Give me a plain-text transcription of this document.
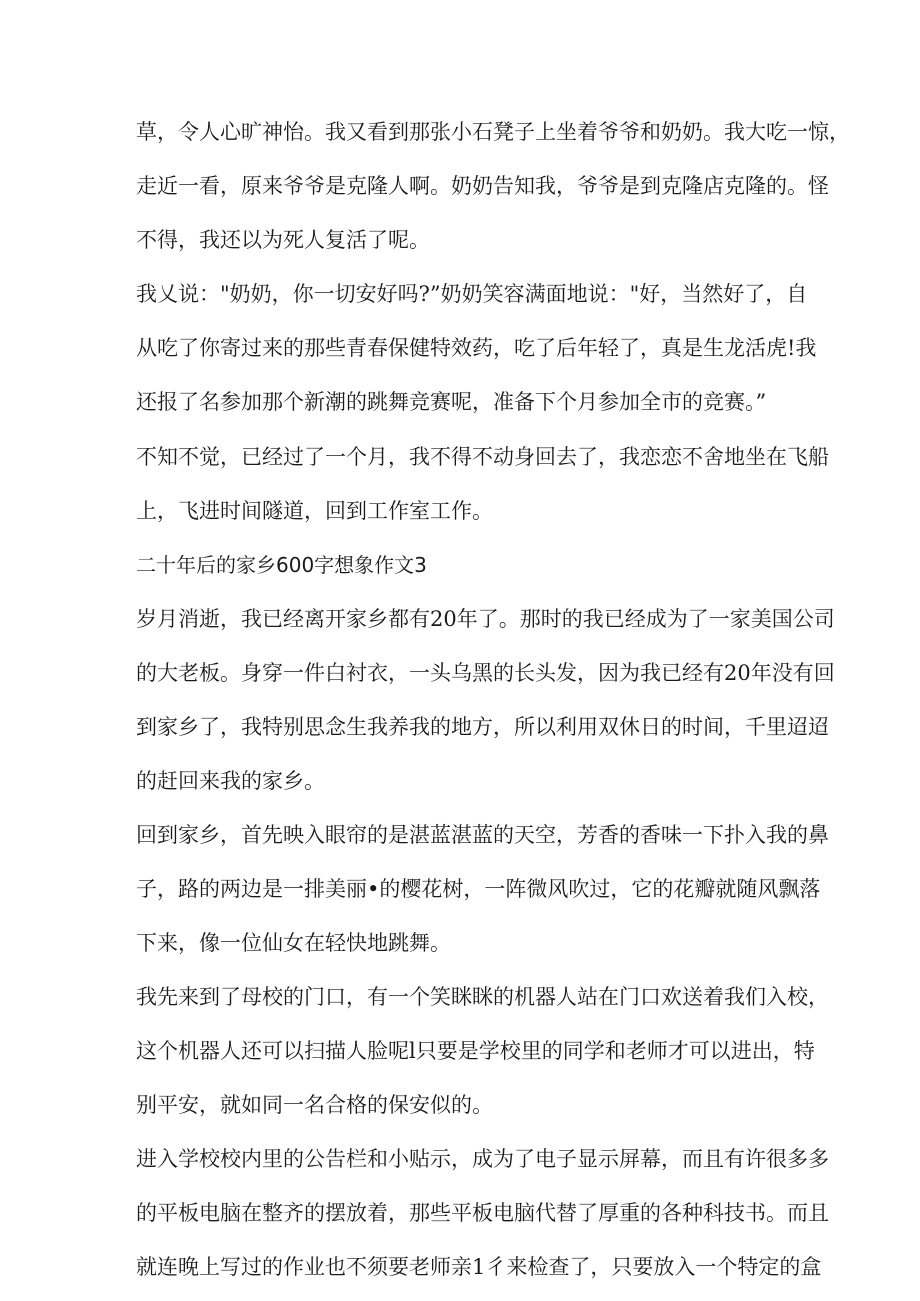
草，令人心旷神怡。我又看到那张小石凳子上坐着爷爷和奶奶。我大吃一惊，
走近一看，原来爷爷是克隆人啊。奶奶告知我，爷爷是到克隆店克隆的。怪
不得，我还以为死人复活了呢。
我乂说："奶奶，你一切安好吗?”奶奶笑容满面地说："好，当然好了，自
从吃了你寄过来的那些青春保健特效药，吃了后年轻了，真是生龙活虎!我
还报了名参加那个新潮的跳舞竞赛呢，准备下个月参加全市的竞赛。”
不知不觉，已经过了一个月，我不得不动身回去了，我恋恋不舍地坐在飞船
上，飞进时间隧道，回到工作室工作。
二十年后的家乡600字想象作文3
岁月消逝，我已经离开家乡都有20年了。那时的我已经成为了一家美国公司
的大老板。身穿一件白衬衣，一头乌黑的长头发，因为我已经有20年没有回
到家乡了，我特别思念生我养我的地方，所以利用双休日的时间，千里迢迢
的赶回来我的家乡。
回到家乡，首先映入眼帘的是湛蓝湛蓝的天空，芳香的香味一下扑入我的鼻
子，路的两边是一排美丽•的樱花树，一阵微风吹过，它的花瓣就随风飘落
下来，像一位仙女在轻快地跳舞。
我先来到了母校的门口，有一个笑眯眯的机器人站在门口欢送着我们入校，
这个机器人还可以扫描人脸呢l只要是学校里的同学和老师才可以进出，特
别平安，就如同一名合格的保安似的。
进入学校校内里的公告栏和小贴示，成为了电子显示屏幕，而且有许很多多
的平板电脑在整齐的摆放着，那些平板电脑代替了厚重的各种科技书。而且
就连晚上写过的作业也不须要老师亲1彳来检查了，只要放入一个特定的盒
